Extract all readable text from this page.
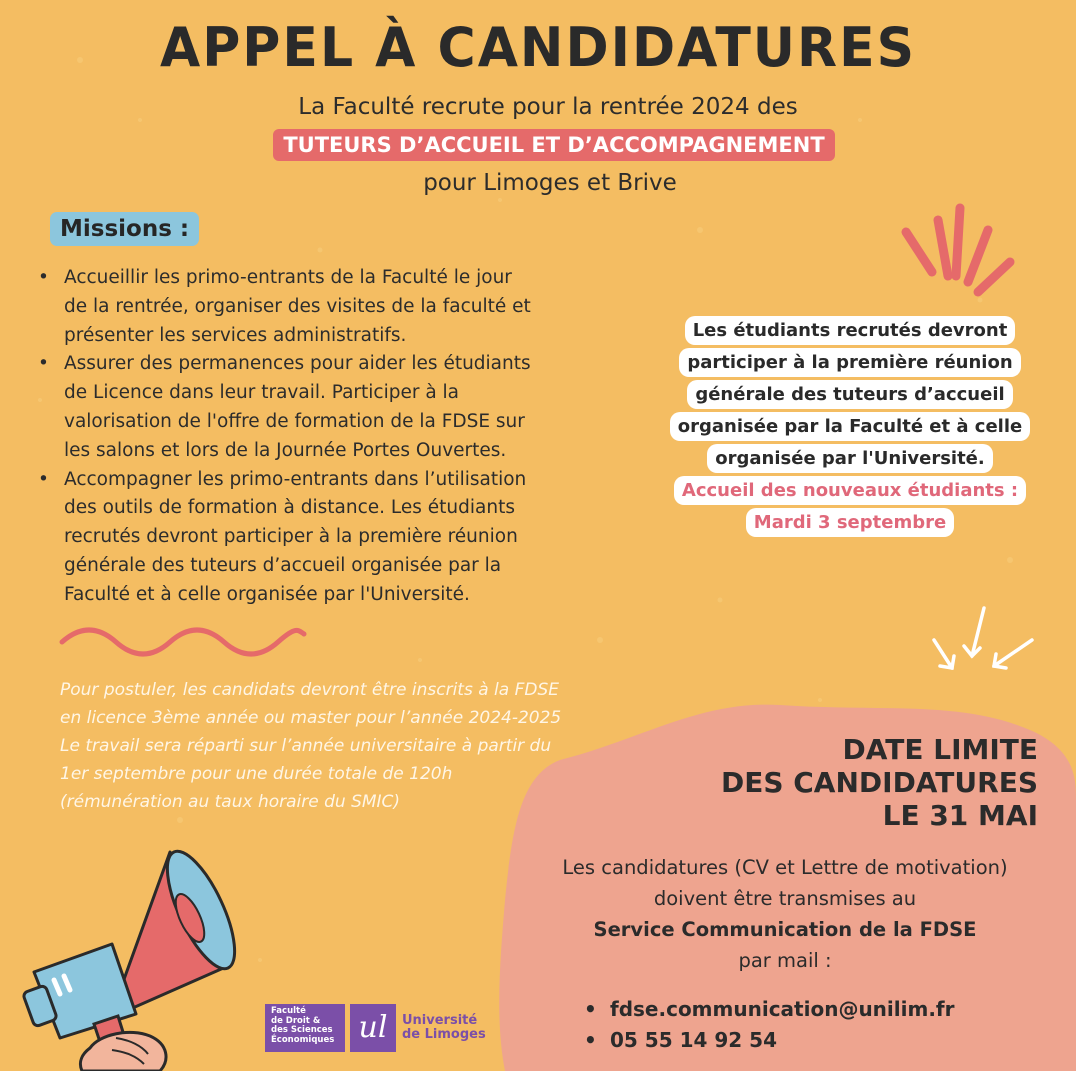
APPEL À CANDIDATURES
La Faculté recrute pour la rentrée 2024 des
TUTEURS D’ACCUEIL ET D’ACCOMPAGNEMENT
pour Limoges et Brive
Missions :
• Accueillir les primo-entrants de la Faculté le jour
de la rentrée, organiser des visites de la faculté et
présenter les services administratifs.
• Assurer des permanences pour aider les étudiants
de Licence dans leur travail. Participer à la
valorisation de l'offre de formation de la FDSE sur
les salons et lors de la Journée Portes Ouvertes.
• Accompagner les primo-entrants dans l’utilisation
des outils de formation à distance. Les étudiants
recrutés devront participer à la première réunion
générale des tuteurs d’accueil organisée par la
Faculté et à celle organisée par l'Université.
Pour postuler, les candidats devront être inscrits à la FDSE
en licence 3ème année ou master pour l’année 2024-2025
Le travail sera réparti sur l’année universitaire à partir du
1er septembre pour une durée totale de 120h
(rémunération au taux horaire du SMIC)
Les étudiants recrutés devront
participer à la première réunion
générale des tuteurs d’accueil
organisée par la Faculté et à celle
organisée par l'Université.
Accueil des nouveaux étudiants :
Mardi 3 septembre
DATE LIMITE
DES CANDIDATURES
LE 31 MAI
Les candidatures (CV et Lettre de motivation)
doivent être transmises au
Service Communication de la FDSE
par mail :
• fdse.communication@unilim.fr
• 05 55 14 92 54
Faculté
de Droit &
des Sciences
Économiques ul	Université
de Limoges
